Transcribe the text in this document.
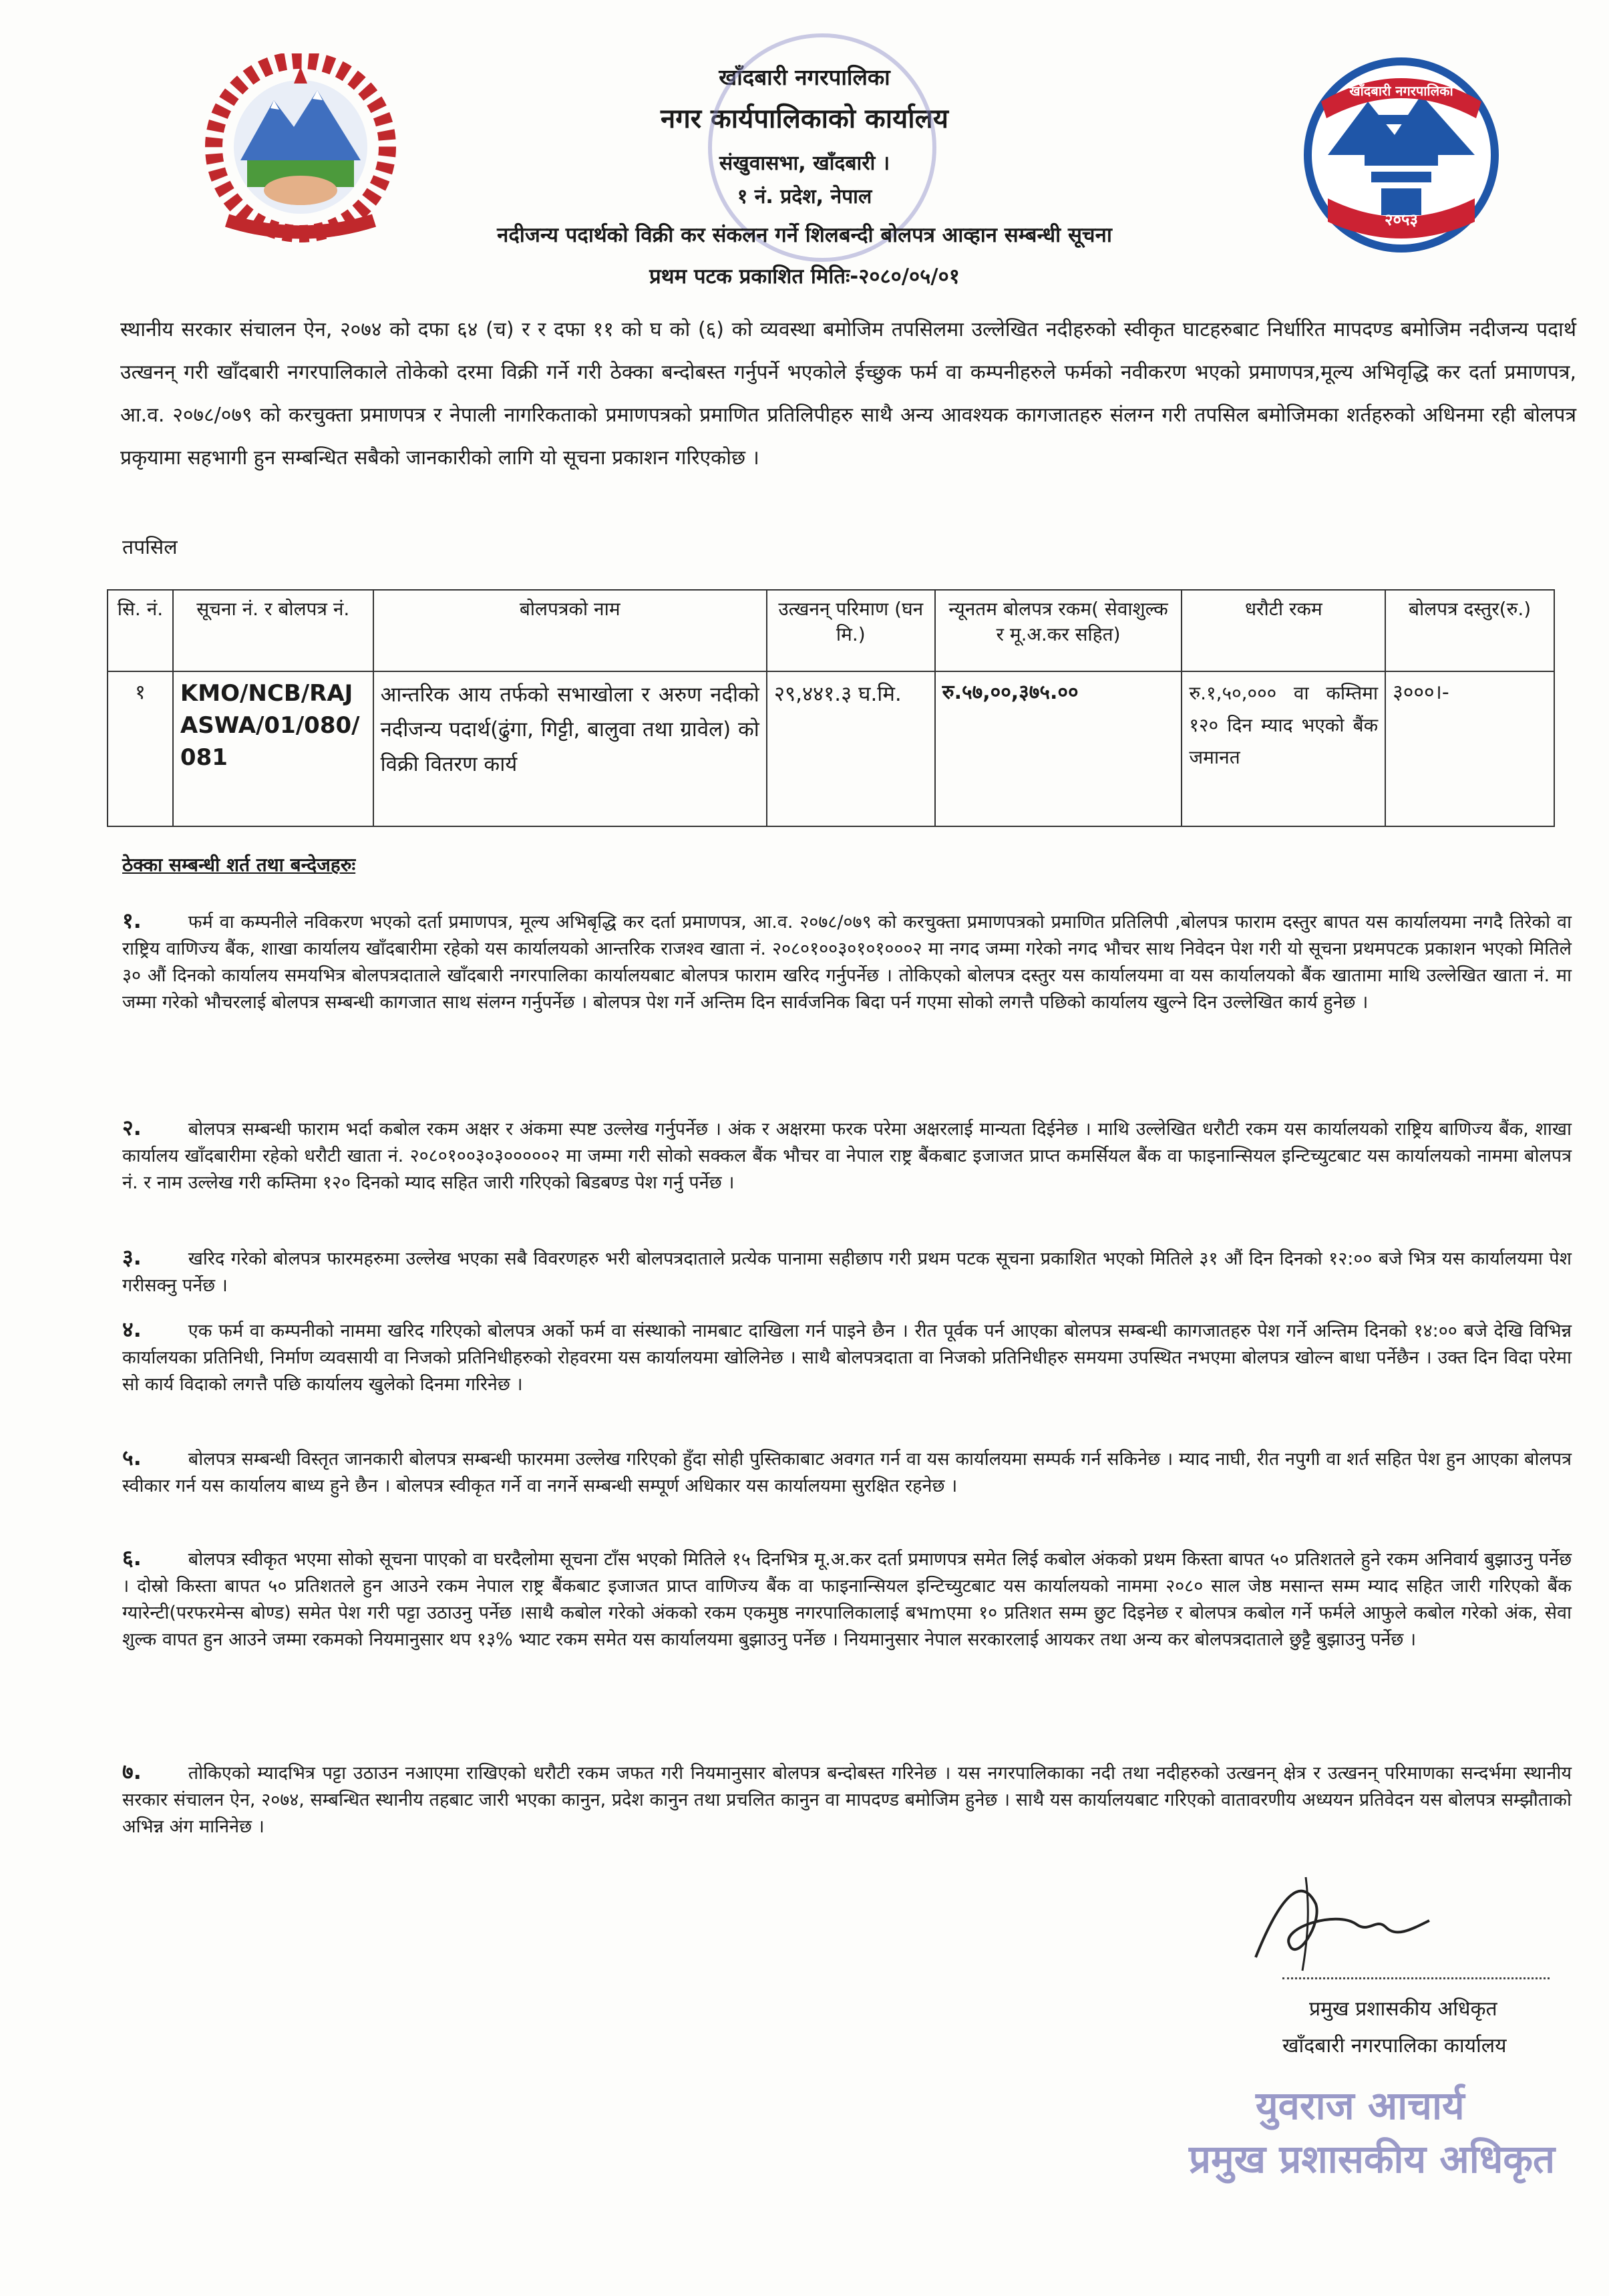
खाँदबारी नगरपालिका
२०५३
खाँदबारी नगरपालिका
नगर कार्यपालिकाको कार्यालय
संखुवासभा, खाँदबारी ।
१ नं. प्रदेश, नेपाल
नदीजन्य पदार्थको विक्री कर संकलन गर्ने शिलबन्दी बोलपत्र आव्हान सम्बन्धी सूचना
प्रथम पटक प्रकाशित मितिः-२०८०/०५/०१
स्थानीय सरकार संचालन ऐन, २०७४ को दफा ६४ (च) र र दफा ११ को घ को (६) को व्यवस्था बमोजिम तपसिलमा उल्लेखित नदीहरुको स्वीकृत घाटहरुबाट निर्धारित मापदण्ड बमोजिम नदीजन्य पदार्थ उत्खनन् गरी खाँदबारी नगरपालिकाले तोकेको दरमा विक्री गर्ने गरी ठेक्का बन्दोबस्त गर्नुपर्ने भएकोले ईच्छुक फर्म वा कम्पनीहरुले फर्मको नवीकरण भएको प्रमाणपत्र,मूल्य अभिवृद्धि कर दर्ता प्रमाणपत्र, आ.व. २०७८/०७९ को करचुक्ता प्रमाणपत्र र नेपाली नागरिकताको प्रमाणपत्रको प्रमाणित प्रतिलिपीहरु साथै अन्य आवश्यक कागजातहरु संलग्न गरी तपसिल बमोजिमका शर्तहरुको अधिनमा रही बोलपत्र प्रकृयामा सहभागी हुन सम्बन्धित सबैको जानकारीको लागि यो सूचना प्रकाशन गरिएकोछ ।
तपसिल
सि. नं.	सूचना नं. र बोलपत्र नं.	बोलपत्रको नाम	उत्खनन् परिमाण (घन मि.)	न्यूनतम बोलपत्र रकम( सेवाशुल्क र मू.अ.कर सहित)	धरौटी रकम	बोलपत्र दस्तुर(रु.)
१	KMO/NCB/RAJ ASWA/01/080/ 081	आन्तरिक आय तर्फको सभाखोला र अरुण नदीको नदीजन्य पदार्थ(ढुंगा, गिट्टी, बालुवा तथा ग्रावेल) को विक्री वितरण कार्य	२९,४४१.३ घ.मि.	रु.५७,००,३७५.००	रु.१,५०,००० वा कम्तिमा १२० दिन म्याद भएको बैंक जमानत	३०००।-
ठेक्का सम्बन्धी शर्त तथा बन्देजहरुः
१.	फर्म वा कम्पनीले नविकरण भएको दर्ता प्रमाणपत्र, मूल्य अभिबृद्धि कर दर्ता प्रमाणपत्र, आ.व. २०७८/०७९ को करचुक्ता प्रमाणपत्रको प्रमाणित प्रतिलिपी ,बोलपत्र फाराम दस्तुर बापत यस कार्यालयमा नगदै तिरेको वा राष्ट्रिय वाणिज्य बैंक, शाखा कार्यालय खाँदबारीमा रहेको यस कार्यालयको आन्तरिक राजश्व खाता नं. २०८०१००३०१०१०००२ मा नगद जम्मा गरेको नगद भौचर साथ निवेदन पेश गरी यो सूचना प्रथमपटक प्रकाशन भएको मितिले ३० औं दिनको कार्यालय समयभित्र बोलपत्रदाताले खाँदबारी नगरपालिका कार्यालयबाट बोलपत्र फाराम खरिद गर्नुपर्नेछ । तोकिएको बोलपत्र दस्तुर यस कार्यालयमा वा यस कार्यालयको बैंक खातामा माथि उल्लेखित खाता नं. मा जम्मा गरेको भौचरलाई बोलपत्र सम्बन्धी कागजात साथ संलग्न गर्नुपर्नेछ । बोलपत्र पेश गर्ने अन्तिम दिन सार्वजनिक बिदा पर्न गएमा सोको लगत्तै पछिको कार्यालय खुल्ने दिन उल्लेखित कार्य हुनेछ ।
२.	बोलपत्र सम्बन्धी फाराम भर्दा कबोल रकम अक्षर र अंकमा स्पष्ट उल्लेख गर्नुपर्नेछ । अंक र अक्षरमा फरक परेमा अक्षरलाई मान्यता दिईनेछ । माथि उल्लेखित धरौटी रकम यस कार्यालयको राष्ट्रिय बाणिज्य बैंक, शाखा कार्यालय खाँदबारीमा रहेको धरौटी खाता नं. २०८०१००३०३०००००२ मा जम्मा गरी सोको सक्कल बैंक भौचर वा नेपाल राष्ट्र बैंकबाट इजाजत प्राप्त कमर्सियल बैंक वा फाइनान्सियल इन्टिच्युटबाट यस कार्यालयको नाममा बोलपत्र नं. र नाम उल्लेख गरी कम्तिमा १२० दिनको म्याद सहित जारी गरिएको बिडबण्ड पेश गर्नु पर्नेछ ।
३.	खरिद गरेको बोलपत्र फारमहरुमा उल्लेख भएका सबै विवरणहरु भरी बोलपत्रदाताले प्रत्येक पानामा सहीछाप गरी प्रथम पटक सूचना प्रकाशित भएको मितिले ३१ औं दिन दिनको १२:०० बजे भित्र यस कार्यालयमा पेश गरीसक्नु पर्नेछ ।
४.	एक फर्म वा कम्पनीको नाममा खरिद गरिएको बोलपत्र अर्को फर्म वा संस्थाको नामबाट दाखिला गर्न पाइने छैन । रीत पूर्वक पर्न आएका बोलपत्र सम्बन्धी कागजातहरु पेश गर्ने अन्तिम दिनको १४:०० बजे देखि विभिन्न कार्यालयका प्रतिनिधी, निर्माण व्यवसायी वा निजको प्रतिनिधीहरुको रोहवरमा यस कार्यालयमा खोलिनेछ । साथै बोलपत्रदाता वा निजको प्रतिनिधीहरु समयमा उपस्थित नभएमा बोलपत्र खोल्न बाधा पर्नेछैन । उक्त दिन विदा परेमा सो कार्य विदाको लगत्तै पछि कार्यालय खुलेको दिनमा गरिनेछ ।
५.	बोलपत्र सम्बन्धी विस्तृत जानकारी बोलपत्र सम्बन्धी फारममा उल्लेख गरिएको हुँदा सोही पुस्तिकाबाट अवगत गर्न वा यस कार्यालयमा सम्पर्क गर्न सकिनेछ । म्याद नाघी, रीत नपुगी वा शर्त सहित पेश हुन आएका बोलपत्र स्वीकार गर्न यस कार्यालय बाध्य हुने छैन । बोलपत्र स्वीकृत गर्ने वा नगर्ने सम्बन्धी सम्पूर्ण अधिकार यस कार्यालयमा सुरक्षित रहनेछ ।
६.	बोलपत्र स्वीकृत भएमा सोको सूचना पाएको वा घरदैलोमा सूचना टाँस भएको मितिले १५ दिनभित्र मू.अ.कर दर्ता प्रमाणपत्र समेत लिई कबोल अंकको प्रथम किस्ता बापत ५० प्रतिशतले हुने रकम अनिवार्य बुझाउनु पर्नेछ । दोस्रो किस्ता बापत ५० प्रतिशतले हुन आउने रकम नेपाल राष्ट्र बैंकबाट इजाजत प्राप्त वाणिज्य बैंक वा फाइनान्सियल इन्टिच्युटबाट यस कार्यालयको नाममा २०८० साल जेष्ठ मसान्त सम्म म्याद सहित जारी गरिएको बैंक ग्यारेन्टी(परफरमेन्स बोण्ड) समेत पेश गरी पट्टा उठाउनु पर्नेछ ।साथै कबोल गरेको अंकको रकम एकमुष्ठ नगरपालिकालाई बभmएमा १० प्रतिशत सम्म छुट दिइनेछ र बोलपत्र कबोल गर्ने फर्मले आफुले कबोल गरेको अंक, सेवा शुल्क वापत हुन आउने जम्मा रकमको नियमानुसार थप १३% भ्याट रकम समेत यस कार्यालयमा बुझाउनु पर्नेछ । नियमानुसार नेपाल सरकारलाई आयकर तथा अन्य कर बोलपत्रदाताले छुट्टै बुझाउनु पर्नेछ ।
७.	तोकिएको म्यादभित्र पट्टा उठाउन नआएमा राखिएको धरौटी रकम जफत गरी नियमानुसार बोलपत्र बन्दोबस्त गरिनेछ । यस नगरपालिकाका नदी तथा नदीहरुको उत्खनन् क्षेत्र र उत्खनन् परिमाणका सन्दर्भमा स्थानीय सरकार संचालन ऐन, २०७४, सम्बन्धित स्थानीय तहबाट जारी भएका कानुन, प्रदेश कानुन तथा प्रचलित कानुन वा मापदण्ड बमोजिम हुनेछ । साथै यस कार्यालयबाट गरिएको वातावरणीय अध्ययन प्रतिवेदन यस बोलपत्र सम्झौताको अभिन्न अंग मानिनेछ ।
प्रमुख प्रशासकीय अधिकृत
खाँदबारी नगरपालिका कार्यालय
युवराज आचार्य
प्रमुख प्रशासकीय अधिकृत
